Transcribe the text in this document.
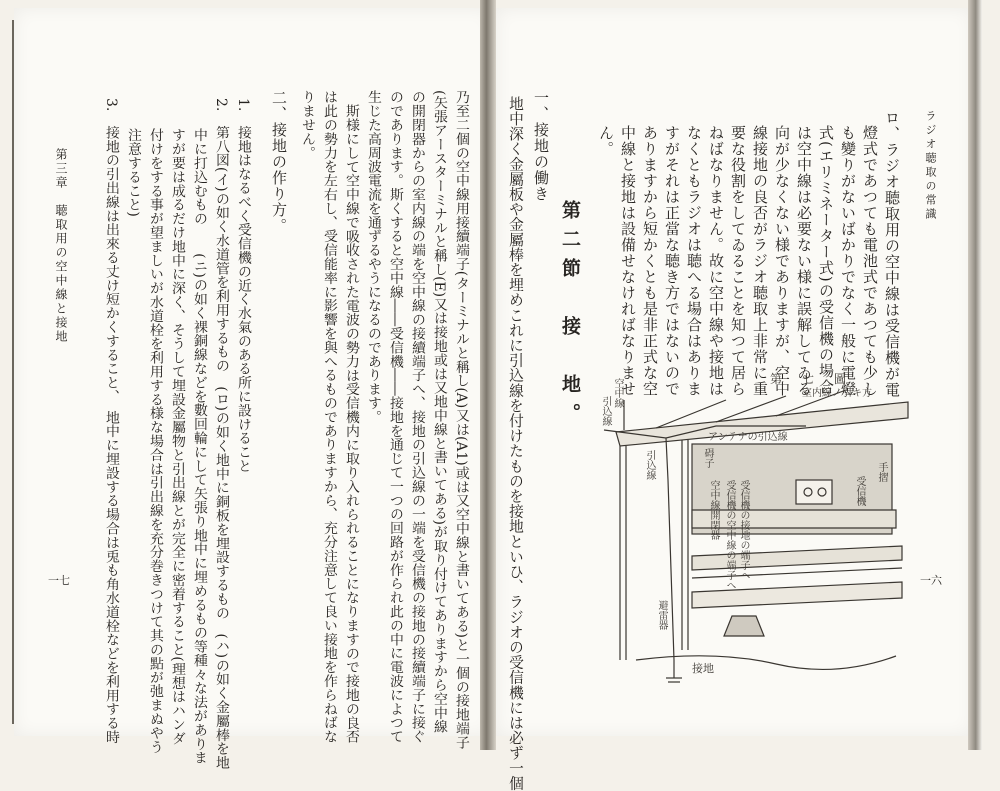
ラジオ聴取の常識
一六
ロ、ラジオ聴取用の空中線は受信機が電
燈式であつても電池式であつても少し
も變りがないばかりでなく一般に電燈
式(エリミネーター式)の受信機の場合
は空中線は必要ない様に誤解してゐる
向が少なくない様でありますが、空中
線接地の良否がラジオ聴取上非常に重
要な役割をしてゐることを知つて居ら
ねばなりません。故に空中線や接地は
なくともラジオは聴へる場合はありま
すがそれは正當な聴き方ではないので
ありますから短かくとも是非正式な空
中線と接地は設備せなければなりませ
ん。
第二節　接　地。
一、接地の働き
地中深く金屬板や金屬棒を埋めこれに引込線を付けたものを接地といひ、ラジオの受信機には必ず一個	第　七　圖
室内線ノ引キ方
空中線
引込線
アンテナの引込線
碍子
引込線	手摺
受信機
空中線開閉器 受信機の空中線の端子へ 受信機の接地の端子へ
避雷器
接地
乃至二個の空中線用接續端子(ターミナルと稱し(A)又は(A1)或は又空中線と書いてある)と一個の接地端子
(矢張アースターミナルと稱し(E)又は接地或は又地中線と書いてある)が取り付けてありますから空中線
の開閉器からの室内線の端を空中線の接續端子へ、接地の引込線の一端を受信機の接地の接續端子に接ぐ
のであります。斯くすると空中線――受信機――接地を通じて一つの回路が作られ此の中に電波によつて
生じた高周波電流を通ずるやうになるのであります。
斯様にして空中線で吸收された電波の勢力は受信機内に取り入れられることになりますので接地の良否
は此の勢力を左右し、受信能率に影響を與へるものでありますから、充分注意して良い接地を作らねばな
りません。
二、接地の作り方。
1.　接地はなるべく受信機の近く水氣のある所に設けること
2.　第八図(イ)の如く水道管を利用するもの　(ロ)の如く地中に銅板を埋設するもの　(ハ)の如く金屬棒を地
中に打込むもの　　(ニ)の如く裸銅線などを數回輪にして矢張り地中に埋めるもの等種々な法がありま
すが要は成るだけ地中に深く、そうして埋設金屬物と引出線とが完全に密着すること(理想はハンダ
付けをする事が望ましいが水道栓を利用する様な場合は引出線を充分巻きつけて其の點が弛まぬやう
注意すること)
3.　接地の引出線は出來る丈け短かくすること、　地中に埋設する場合は兎も角水道栓などを利用する時
第三章　聴取用の空中線と接地
一七
